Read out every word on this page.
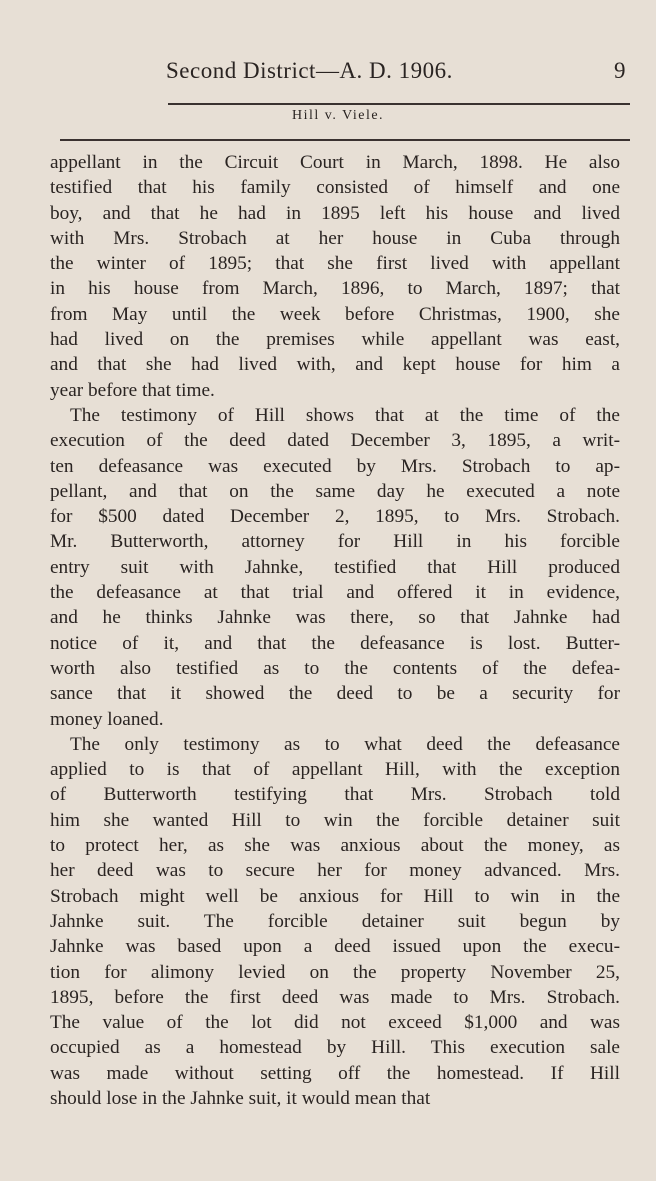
Second District—A. D. 1906.	9
Hill v. Viele.

appellant in the Circuit Court in March, 1898. He also
testified that his family consisted of himself and one
boy, and that he had in 1895 left his house and lived
with Mrs. Strobach at her house in Cuba through
the winter of 1895; that she first lived with appellant
in his house from March, 1896, to March, 1897; that
from May until the week before Christmas, 1900, she
had lived on the premises while appellant was east,
and that she had lived with, and kept house for him a
year before that time.

The testimony of Hill shows that at the time of the
execution of the deed dated December 3, 1895, a writ-
ten defeasance was executed by Mrs. Strobach to ap-
pellant, and that on the same day he executed a note
for $500 dated December 2, 1895, to Mrs. Strobach.
Mr. Butterworth, attorney for Hill in his forcible
entry suit with Jahnke, testified that Hill produced
the defeasance at that trial and offered it in evidence,
and he thinks Jahnke was there, so that Jahnke had
notice of it, and that the defeasance is lost. Butter-
worth also testified as to the contents of the defea-
sance that it showed the deed to be a security for
money loaned.

The only testimony as to what deed the defeasance
applied to is that of appellant Hill, with the exception
of Butterworth testifying that Mrs. Strobach told
him she wanted Hill to win the forcible detainer suit
to protect her, as she was anxious about the money, as
her deed was to secure her for money advanced. Mrs.
Strobach might well be anxious for Hill to win in the
Jahnke suit. The forcible detainer suit begun by
Jahnke was based upon a deed issued upon the execu-
tion for alimony levied on the property November 25,
1895, before the first deed was made to Mrs. Strobach.
The value of the lot did not exceed $1,000 and was
occupied as a homestead by Hill. This execution sale
was made without setting off the homestead. If Hill
should lose in the Jahnke suit, it would mean that
